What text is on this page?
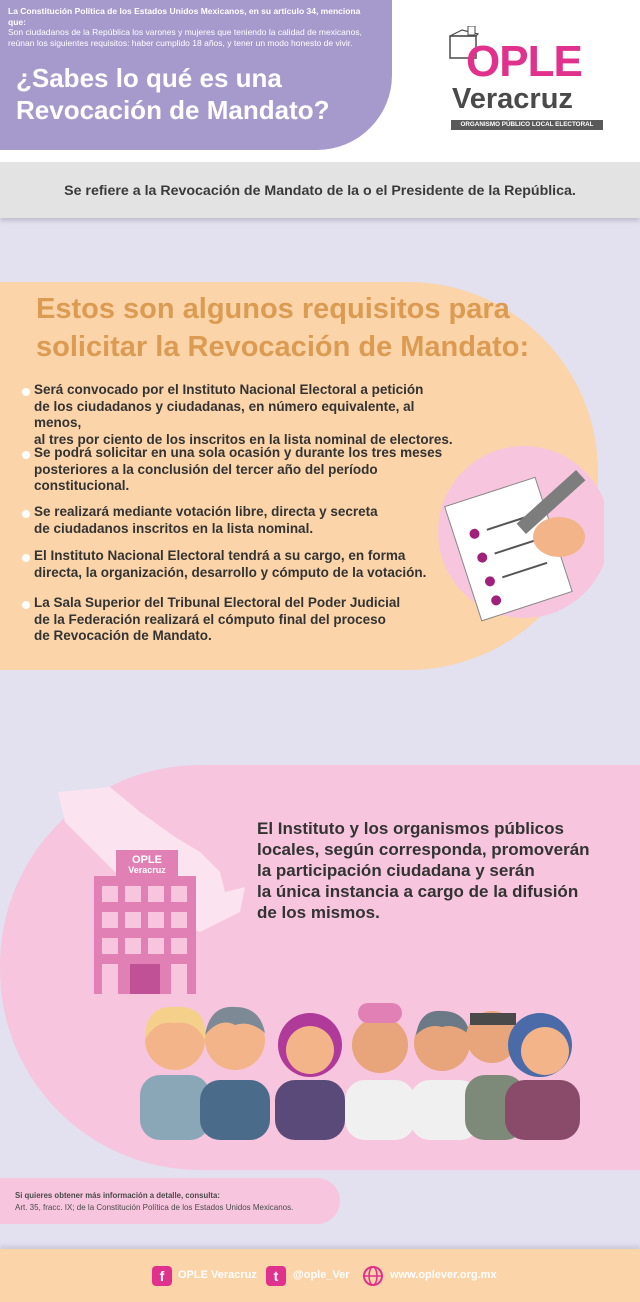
La Constitución Política de los Estados Unidos Mexicanos, en su artículo 34, menciona que:
Son ciudadanos de la República los varones y mujeres que teniendo la calidad de mexicanos,
reúnan los siguientes requisitos: haber cumplido 18 años, y tener un modo honesto de vivir.
¿Sabes lo qué es una
Revocación de Mandato?
OPLE
Veracruz
ORGANISMO PÚBLICO LOCAL ELECTORAL
Se refiere a la Revocación de Mandato de la o el Presidente de la República.
Estos son algunos requisitos para
solicitar la Revocación de Mandato:
Será convocado por el Instituto Nacional Electoral a petición
de los ciudadanos y ciudadanas, en número equivalente, al menos,
al tres por ciento de los inscritos en la lista nominal de electores.
Se podrá solicitar en una sola ocasión y durante los tres meses
posteriores a la conclusión del tercer año del período
constitucional.
Se realizará mediante votación libre, directa y secreta
de ciudadanos inscritos en la lista nominal.
El Instituto Nacional Electoral tendrá a su cargo, en forma
directa, la organización, desarrollo y cómputo de la votación.
La Sala Superior del Tribunal Electoral del Poder Judicial
de la Federación realizará el cómputo final del proceso
de Revocación de Mandato.
OPLE
Veracruz
El Instituto y los organismos públicos
locales, según corresponda, promoverán
la participación ciudadana y serán
la única instancia a cargo de la difusión
de los mismos.
Si quieres obtener más información a detalle, consulta:
Art. 35, fracc. IX; de la Constitución Política de los Estados Unidos Mexicanos.
f	OPLE Veracruz	t	@ople_Ver	www.oplever.org.mx
